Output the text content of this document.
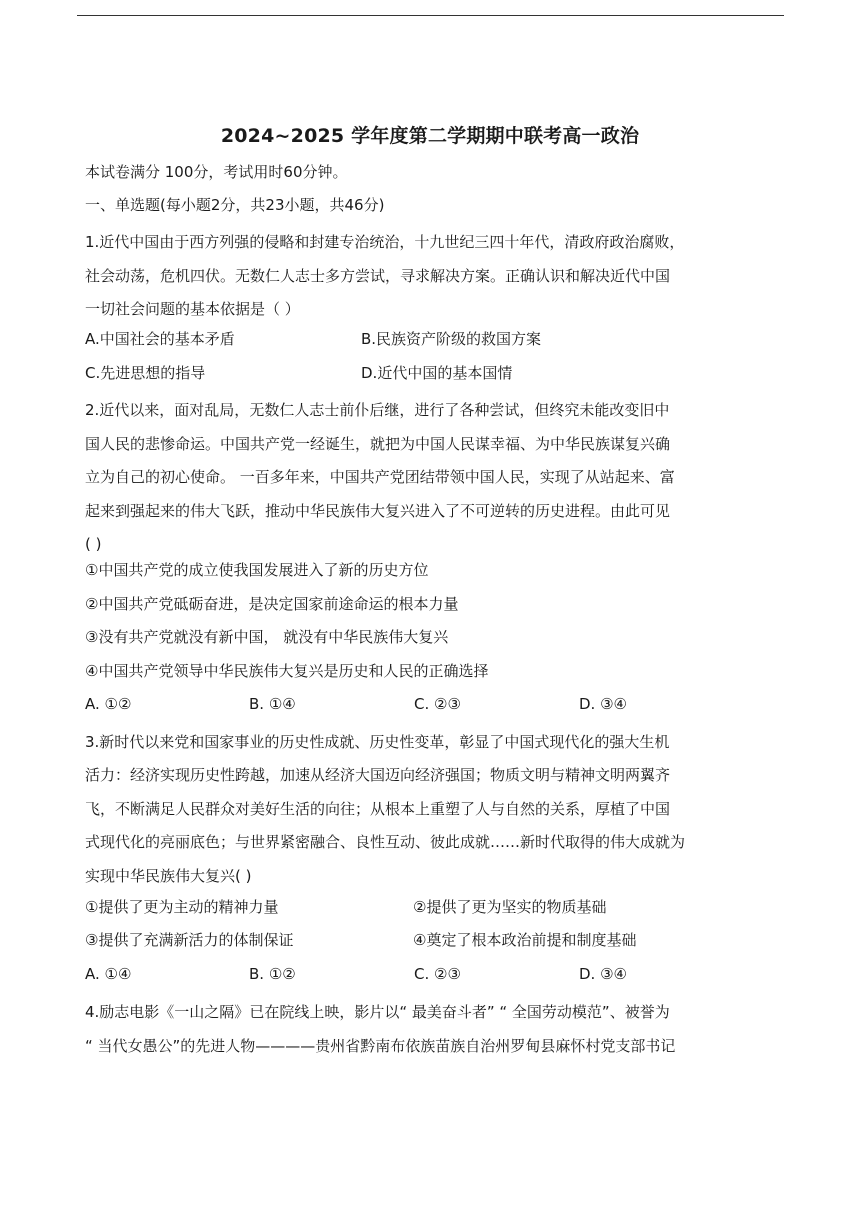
2024~2025 学年度第二学期期中联考高一政治
本试卷满分 100分，考试用时60分钟。
一、单选题(每小题2分，共23小题，共46分)
1.近代中国由于西方列强的侵略和封建专治统治，十九世纪三四十年代，清政府政治腐败，
社会动荡，危机四伏。无数仁人志士多方尝试，寻求解决方案。正确认识和解决近代中国
一切社会问题的基本依据是（ ）
A.中国社会的基本矛盾	B.民族资产阶级的救国方案
C.先进思想的指导	D.近代中国的基本国情
2.近代以来，面对乱局，无数仁人志士前仆后继，进行了各种尝试，但终究未能改变旧中
国人民的悲惨命运。中国共产党一经诞生，就把为中国人民谋幸福、为中华民族谋复兴确
立为自己的初心使命。 一百多年来，中国共产党团结带领中国人民，实现了从站起来、富
起来到强起来的伟大飞跃，推动中华民族伟大复兴进入了不可逆转的历史进程。由此可见
( )
①中国共产党的成立使我国发展进入了新的历史方位
②中国共产党砥砺奋进，是决定国家前途命运的根本力量
③没有共产党就没有新中国， 就没有中华民族伟大复兴
④中国共产党领导中华民族伟大复兴是历史和人民的正确选择
A. ①②	B. ①④	C. ②③	D. ③④
3.新时代以来党和国家事业的历史性成就、历史性变革，彰显了中国式现代化的强大生机
活力：经济实现历史性跨越，加速从经济大国迈向经济强国；物质文明与精神文明两翼齐
飞，不断满足人民群众对美好生活的向往；从根本上重塑了人与自然的关系，厚植了中国
式现代化的亮丽底色；与世界紧密融合、良性互动、彼此成就……新时代取得的伟大成就为
实现中华民族伟大复兴( )
①提供了更为主动的精神力量	②提供了更为坚实的物质基础
③提供了充满新活力的体制保证	④奠定了根本政治前提和制度基础
A. ①④	B. ①②	C. ②③	D. ③④
4.励志电影《一山之隔》已在院线上映，影片以“ 最美奋斗者” “ 全国劳动模范”、被誉为
“ 当代女愚公”的先进人物————贵州省黔南布依族苗族自治州罗甸县麻怀村党支部书记
